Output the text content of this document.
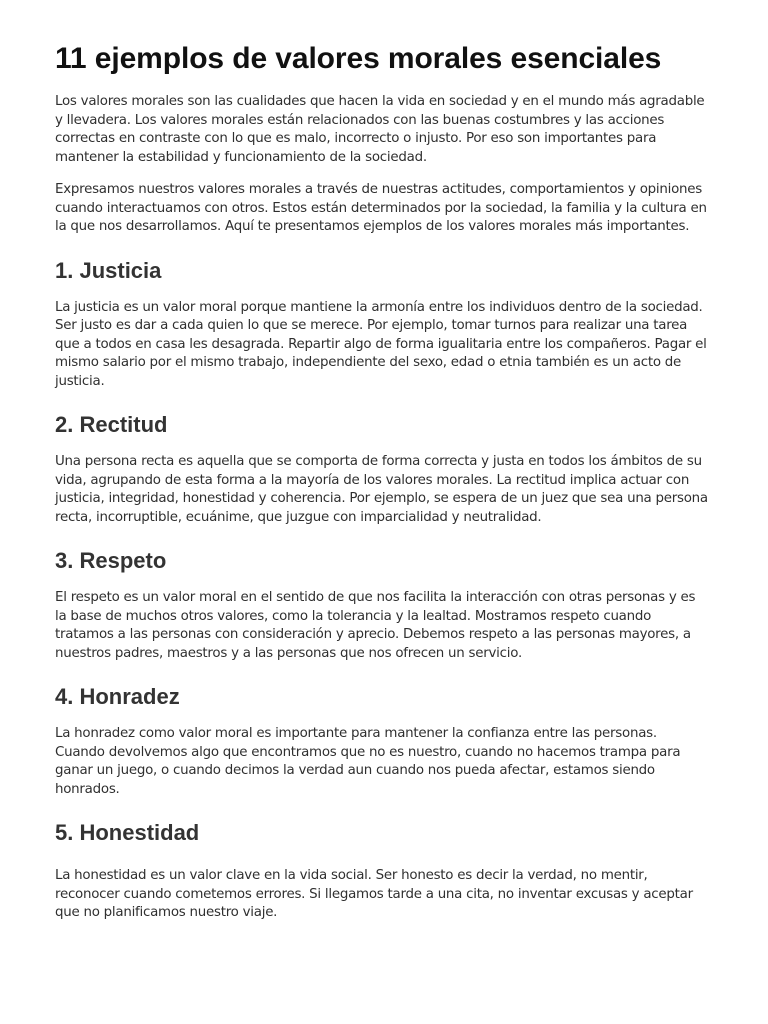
11 ejemplos de valores morales esenciales

Los valores morales son las cualidades que hacen la vida en sociedad y en el mundo más agradable y llevadera. Los valores morales están relacionados con las buenas costumbres y las acciones correctas en contraste con lo que es malo, incorrecto o injusto. Por eso son importantes para mantener la estabilidad y funcionamiento de la sociedad.

Expresamos nuestros valores morales a través de nuestras actitudes, comportamientos y opiniones cuando interactuamos con otros. Estos están determinados por la sociedad, la familia y la cultura en la que nos desarrollamos. Aquí te presentamos ejemplos de los valores morales más importantes.

1. Justicia

La justicia es un valor moral porque mantiene la armonía entre los individuos dentro de la sociedad. Ser justo es dar a cada quien lo que se merece. Por ejemplo, tomar turnos para realizar una tarea que a todos en casa les desagrada. Repartir algo de forma igualitaria entre los compañeros. Pagar el mismo salario por el mismo trabajo, independiente del sexo, edad o etnia también es un acto de justicia.

2. Rectitud

Una persona recta es aquella que se comporta de forma correcta y justa en todos los ámbitos de su vida, agrupando de esta forma a la mayoría de los valores morales. La rectitud implica actuar con justicia, integridad, honestidad y coherencia. Por ejemplo, se espera de un juez que sea una persona recta, incorruptible, ecuánime, que juzgue con imparcialidad y neutralidad.

3. Respeto

El respeto es un valor moral en el sentido de que nos facilita la interacción con otras personas y es la base de muchos otros valores, como la tolerancia y la lealtad. Mostramos respeto cuando tratamos a las personas con consideración y aprecio. Debemos respeto a las personas mayores, a nuestros padres, maestros y a las personas que nos ofrecen un servicio.

4. Honradez

La honradez como valor moral es importante para mantener la confianza entre las personas. Cuando devolvemos algo que encontramos que no es nuestro, cuando no hacemos trampa para ganar un juego, o cuando decimos la verdad aun cuando nos pueda afectar, estamos siendo honrados.

5. Honestidad

La honestidad es un valor clave en la vida social. Ser honesto es decir la verdad, no mentir, reconocer cuando cometemos errores. Si llegamos tarde a una cita, no inventar excusas y aceptar que no planificamos nuestro viaje.
